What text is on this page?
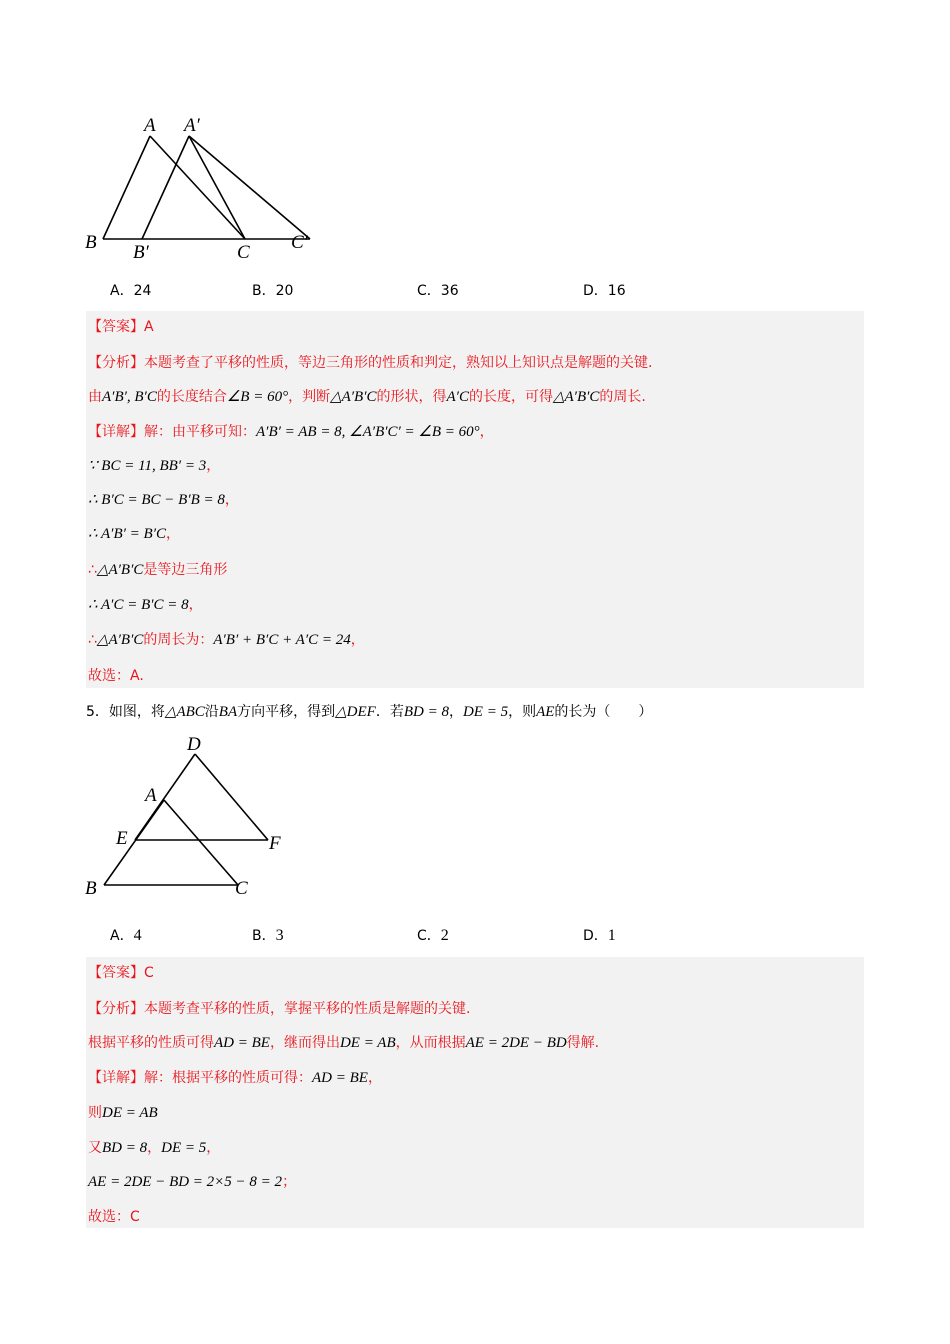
A A′
B B′	C C′
A．24	B．20	C．36	D．16
【答案】A
【分析】本题考查了平移的性质，等边三角形的性质和判定，熟知以上知识点是解题的关键.
由A′B′, B′C的长度结合∠B = 60°，判断△A′B′C的形状，得A′C的长度，可得△A′B′C的周长.
【详解】解：由平移可知：A′B′ = AB = 8, ∠A′B′C′ = ∠B = 60°，
∵ BC = 11, BB′ = 3，
∴ B′C = BC − B′B = 8，
∴ A′B′ = B′C，
∴△A′B′C是等边三角形
∴ A′C = B′C = 8，
∴△A′B′C的周长为：A′B′ + B′C + A′C = 24，
故选：A.
5．如图，将△ABC沿BA方向平移，得到△DEF．若BD = 8，DE = 5，则AE的长为（　　）
D
A
E	F
B	C
A．4	B．3	C．2	D．1
【答案】C
【分析】本题考查平移的性质，掌握平移的性质是解题的关键.
根据平移的性质可得AD = BE，继而得出DE = AB，从而根据AE = 2DE − BD得解.
【详解】解：根据平移的性质可得：AD = BE，
则DE = AB
又BD = 8，DE = 5，
AE = 2DE − BD = 2×5 − 8 = 2；
故选：C
